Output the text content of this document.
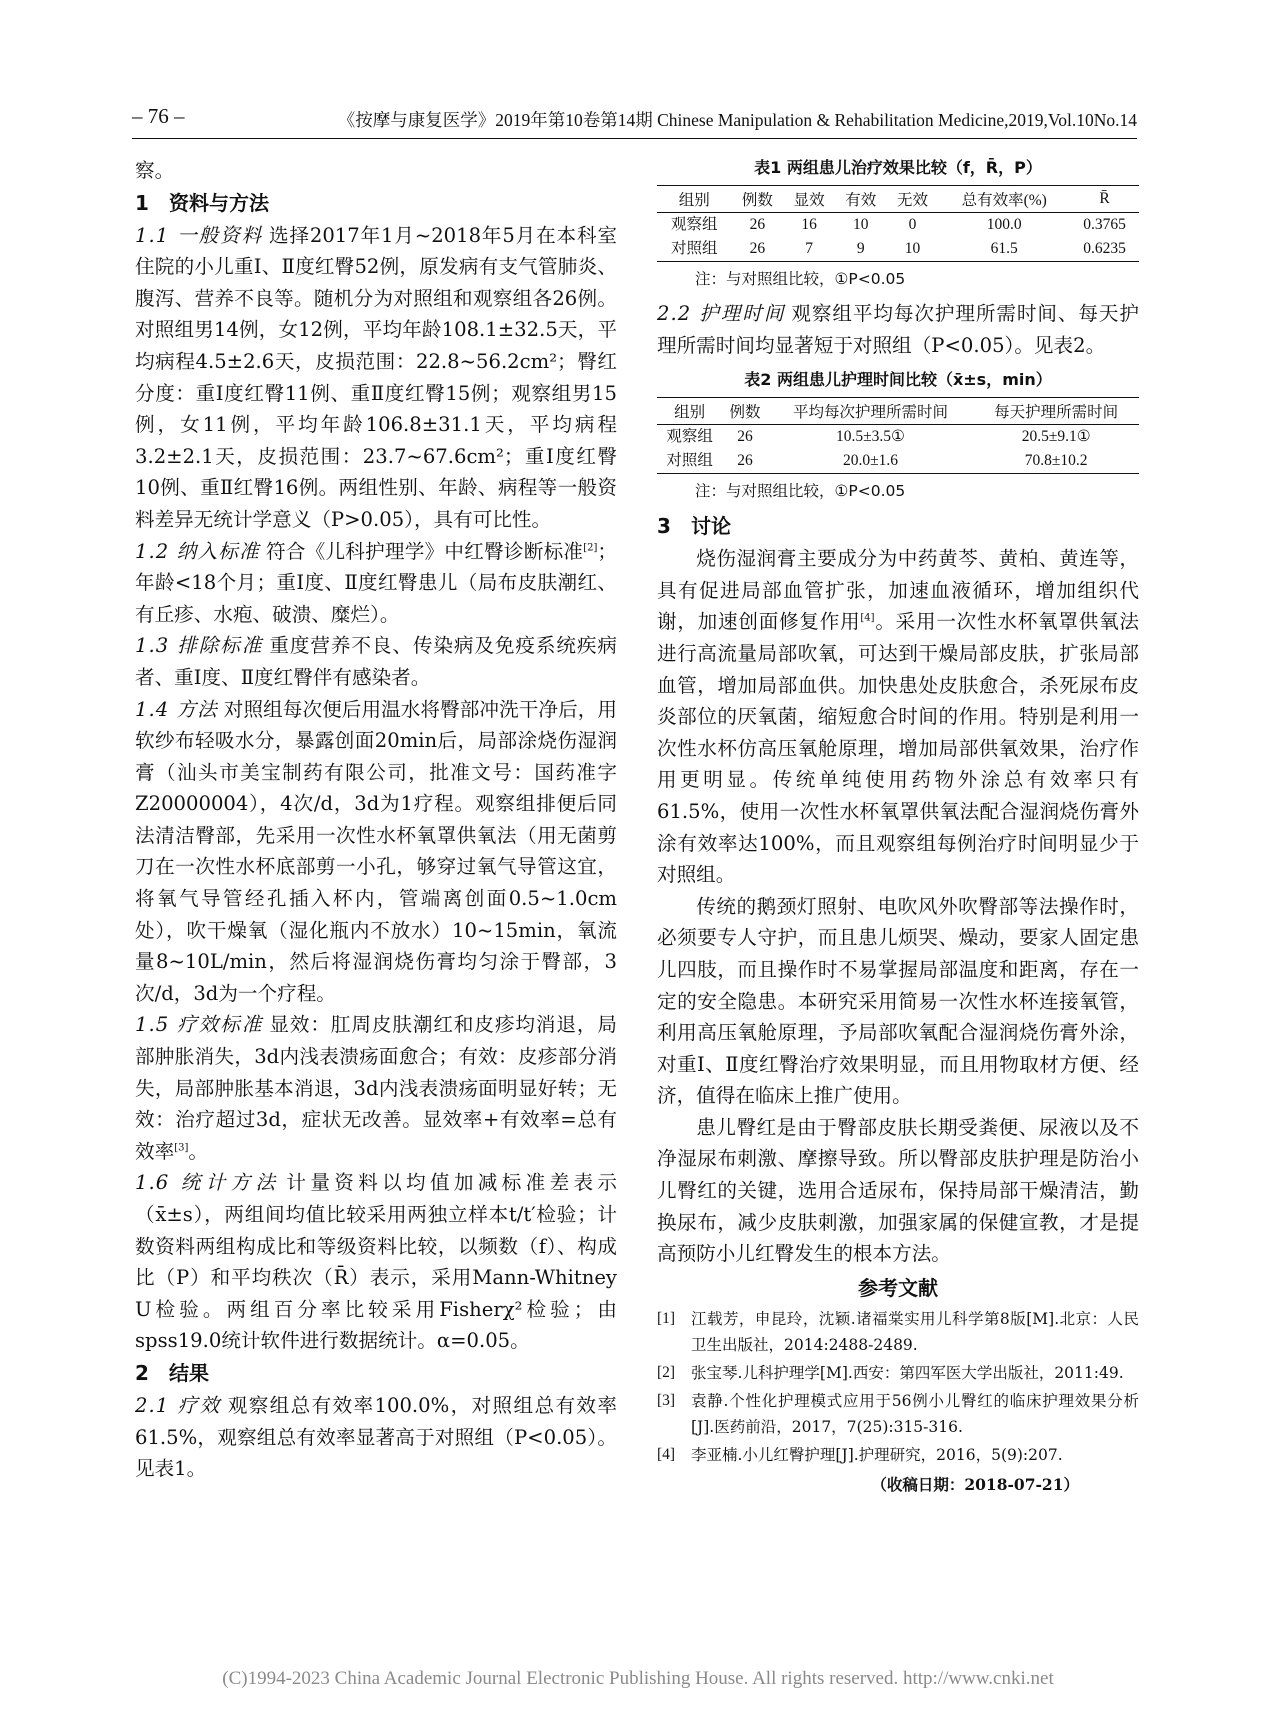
– 76 –	《按摩与康复医学》2019年第10卷第14期 Chinese Manipulation & Rehabilitation Medicine,2019,Vol.10No.14

察。

1 资料与方法

1.1 一般资料 选择2017年1月~2018年5月在本科室住院的小儿重Ⅰ、Ⅱ度红臀52例，原发病有支气管肺炎、腹泻、营养不良等。随机分为对照组和观察组各26例。对照组男14例，女12例，平均年龄108.1±32.5天，平均病程4.5±2.6天，皮损范围：22.8~56.2cm²；臀红分度：重Ⅰ度红臀11例、重Ⅱ度红臀15例；观察组男15例，女11例，平均年龄106.8±31.1天，平均病程3.2±2.1天，皮损范围：23.7~67.6cm²；重Ⅰ度红臀10例、重Ⅱ红臀16例。两组性别、年龄、病程等一般资料差异无统计学意义（P>0.05），具有可比性。

1.2 纳入标准 符合《儿科护理学》中红臀诊断标准[2]；年龄<18个月；重Ⅰ度、Ⅱ度红臀患儿（局布皮肤潮红、有丘疹、水疱、破溃、糜烂）。

1.3 排除标准 重度营养不良、传染病及免疫系统疾病者、重Ⅰ度、Ⅱ度红臀伴有感染者。

1.4 方法 对照组每次便后用温水将臀部冲洗干净后，用软纱布轻吸水分，暴露创面20min后，局部涂烧伤湿润膏（汕头市美宝制药有限公司，批准文号：国药准字Z20000004），4次/d，3d为1疗程。观察组排便后同法清洁臀部，先采用一次性水杯氧罩供氧法（用无菌剪刀在一次性水杯底部剪一小孔，够穿过氧气导管这宜，将氧气导管经孔插入杯内，管端离创面0.5~1.0cm处），吹干燥氧（湿化瓶内不放水）10~15min，氧流量8~10L/min，然后将湿润烧伤膏均匀涂于臀部，3次/d，3d为一个疗程。

1.5 疗效标准 显效：肛周皮肤潮红和皮疹均消退，局部肿胀消失，3d内浅表溃疡面愈合；有效：皮疹部分消失，局部肿胀基本消退，3d内浅表溃疡面明显好转；无效：治疗超过3d，症状无改善。显效率+有效率=总有效率[3]。

1.6 统计方法 计量资料以均值加减标准差表示（x̄±s），两组间均值比较采用两独立样本t/t′检验；计数资料两组构成比和等级资料比较，以频数（f）、构成比（P）和平均秩次（R̄）表示，采用Mann-Whitney U检验。两组百分率比较采用Fisherχ²检验；由spss19.0统计软件进行数据统计。α=0.05。

2 结果

2.1 疗效 观察组总有效率100.0%，对照组总有效率61.5%，观察组总有效率显著高于对照组（P<0.05）。见表1。

表1 两组患儿治疗效果比较（f，R̄，P）
组别	例数	显效	有效	无效	总有效率(%)	R̄
观察组	26	16	10	0	100.0	0.3765
对照组	26	7	9	10	61.5	0.6235
注：与对照组比较，①P<0.05

2.2 护理时间 观察组平均每次护理所需时间、每天护理所需时间均显著短于对照组（P<0.05）。见表2。

表2 两组患儿护理时间比较（x̄±s，min）
组别	例数	平均每次护理所需时间	每天护理所需时间
观察组	26	10.5±3.5①	20.5±9.1①
对照组	26	20.0±1.6	70.8±10.2
注：与对照组比较，①P<0.05
3 讨论

烧伤湿润膏主要成分为中药黄芩、黄柏、黄连等，具有促进局部血管扩张，加速血液循环，增加组织代谢，加速创面修复作用[4]。采用一次性水杯氧罩供氧法进行高流量局部吹氧，可达到干燥局部皮肤，扩张局部血管，增加局部血供。加快患处皮肤愈合，杀死尿布皮炎部位的厌氧菌，缩短愈合时间的作用。特别是利用一次性水杯仿高压氧舱原理，增加局部供氧效果，治疗作用更明显。传统单纯使用药物外涂总有效率只有61.5%，使用一次性水杯氧罩供氧法配合湿润烧伤膏外涂有效率达100%，而且观察组每例治疗时间明显少于对照组。

传统的鹅颈灯照射、电吹风外吹臀部等法操作时，必须要专人守护，而且患儿烦哭、燥动，要家人固定患儿四肢，而且操作时不易掌握局部温度和距离，存在一定的安全隐患。本研究采用简易一次性水杯连接氧管，利用高压氧舱原理，予局部吹氧配合湿润烧伤膏外涂，对重Ⅰ、Ⅱ度红臀治疗效果明显，而且用物取材方便、经济，值得在临床上推广使用。

患儿臀红是由于臀部皮肤长期受粪便、尿液以及不净湿尿布刺激、摩擦导致。所以臀部皮肤护理是防治小儿臀红的关键，选用合适尿布，保持局部干燥清洁，勤换尿布，减少皮肤刺激，加强家属的保健宣教，才是提高预防小儿红臀发生的根本方法。

参考文献
[1]	江载芳，申昆玲，沈颖.诸福棠实用儿科学第8版[M].北京：人民卫生出版社，2014:2488-2489.
[2]	张宝琴.儿科护理学[M].西安：第四军医大学出版社，2011:49.
[3]	袁静.个性化护理模式应用于56例小儿臀红的临床护理效果分析[J].医药前沿，2017，7(25):315-316.
[4]	李亚楠.小儿红臀护理[J].护理研究，2016，5(9):207.
（收稿日期：2018-07-21）
(C)1994-2023 China Academic Journal Electronic Publishing House. All rights reserved. http://www.cnki.net
